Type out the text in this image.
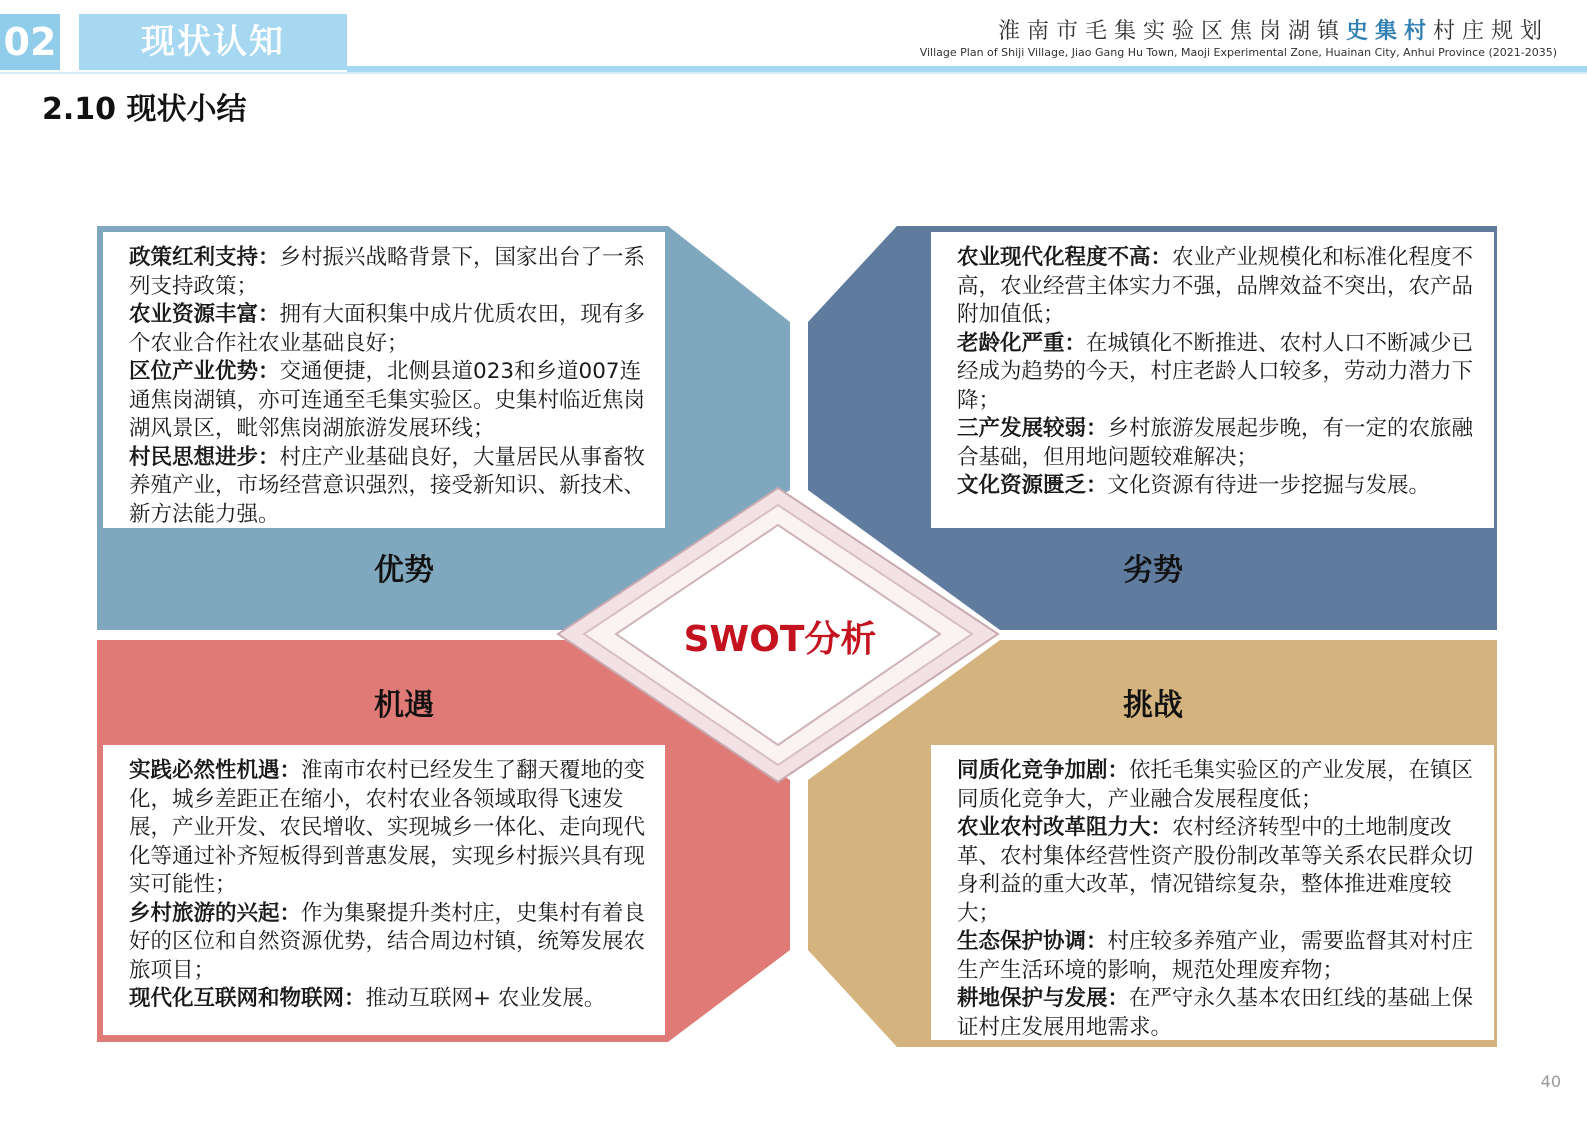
02	现状认知	淮南市毛集实验区焦岗湖镇史集村村庄规划
Village Plan of Shiji Village, Jiao Gang Hu Town, Maoji Experimental Zone, Huainan City, Anhui Province (2021-2035)
2.10 现状小结

政策红利支持：乡村振兴战略背景下，国家出台了一系列支持政策；

农业资源丰富：拥有大面积集中成片优质农田，现有多个农业合作社农业基础良好；

区位产业优势：交通便捷，北侧县道023和乡道007连通焦岗湖镇，亦可连通至毛集实验区。史集村临近焦岗湖风景区，毗邻焦岗湖旅游发展环线；

村民思想进步：村庄产业基础良好，大量居民从事畜牧养殖产业，市场经营意识强烈，接受新知识、新技术、新方法能力强。

农业现代化程度不高：农业产业规模化和标准化程度不高，农业经营主体实力不强，品牌效益不突出，农产品附加值低；

老龄化严重：在城镇化不断推进、农村人口不断减少已经成为趋势的今天，村庄老龄人口较多，劳动力潜力下降；

三产发展较弱：乡村旅游发展起步晚，有一定的农旅融合基础，但用地问题较难解决；

文化资源匮乏：文化资源有待进一步挖掘与发展。

实践必然性机遇：淮南市农村已经发生了翻天覆地的变化，城乡差距正在缩小，农村农业各领域取得飞速发展，产业开发、农民增收、实现城乡一体化、走向现代化等通过补齐短板得到普惠发展，实现乡村振兴具有现实可能性；

乡村旅游的兴起：作为集聚提升类村庄，史集村有着良好的区位和自然资源优势，结合周边村镇，统筹发展农旅项目；

现代化互联网和物联网：推动互联网+ 农业发展。

同质化竞争加剧：依托毛集实验区的产业发展，在镇区同质化竞争大，产业融合发展程度低；

农业农村改革阻力大：农村经济转型中的土地制度改革、农村集体经营性资产股份制改革等关系农民群众切身利益的重大改革，情况错综复杂，整体推进难度较大；

生态保护协调：村庄较多养殖产业，需要监督其对村庄生产生活环境的影响，规范处理废弃物；

耕地保护与发展：在严守永久基本农田红线的基础上保证村庄发展用地需求。

优势	劣势
机遇	挑战
SWOT分析
40
